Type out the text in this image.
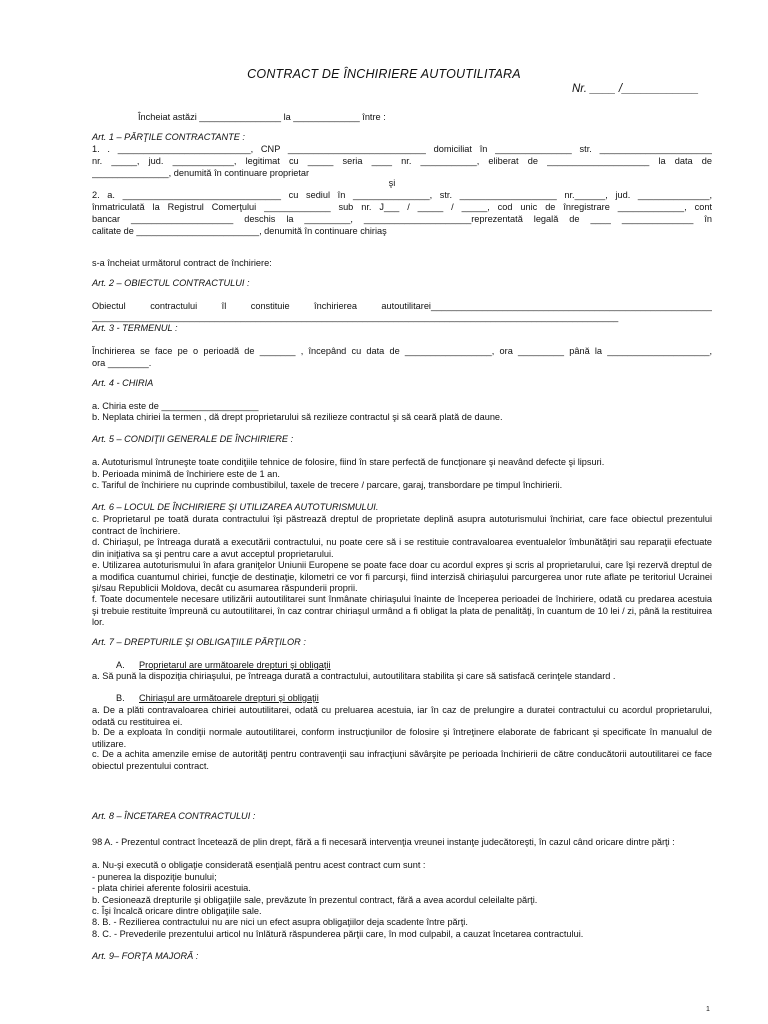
CONTRACT DE ÎNCHIRIERE AUTOUTILITARA
Nr. ____ /____________
Încheiat astăzi ________________ la _____________ între :
Art. 1 – PĂRŢILE CONTRACTANTE :
1. . __________________________, CNP ___________________________ domiciliat în _______________ str. ______________________
nr. _____, jud. ____________, legitimat cu _____ seria ____ nr. ___________, eliberat de ____________________ la data de
_______________, denumită în continuare proprietar
şi
2. a. _______________________________ cu sediul în _______________, str. ___________________ nr.______, jud. ______________,
înmatriculată la Registrul Comerţului _____________ sub nr. J___ / _____ / _____, cod unic de înregistrare _____________, cont
bancar ____________________ deschis la _________, _____________________reprezentată legală de ____ ______________ în
calitate de ________________________, denumită în continuare chiriaş
s-a încheiat următorul contract de închiriere:
Art. 2 – OBIECTUL CONTRACTULUI :
Obiectul contractului îl constituie închirierea autoutilitarei_______________________________________________________
_______________________________________________________________________________________________________
Art. 3 - TERMENUL :
Închirierea se face pe o perioadă de _______ , începând cu data de _________________, ora _________ până la ____________________,
ora ________.
Art. 4 - CHIRIA
a. Chiria este de ___________________
b. Neplata chiriei la termen , dă drept proprietarului să rezilieze contractul şi să ceară plată de daune.
Art. 5 – CONDIŢII GENERALE DE ÎNCHIRIERE :
a. Autoturismul întruneşte toate condiţiile tehnice de folosire, fiind în stare perfectă de funcţionare şi neavând defecte şi lipsuri.
b. Perioada minimă de închiriere este de 1 an.
c. Tariful de închiriere nu cuprinde combustibilul, taxele de trecere / parcare, garaj, transbordare pe timpul închirierii.
Art. 6 – LOCUL DE ÎNCHIRIERE ŞI UTILIZAREA AUTOTURISMULUI.
c. Proprietarul pe toată durata contractului îşi păstrează dreptul de proprietate deplină asupra autoturismului închiriat, care face obiectul prezentului contract de închiriere.
d. Chiriaşul, pe întreaga durată a executării contractului, nu poate cere să i se restituie contravaloarea eventualelor îmbunătăţiri sau reparaţii efectuate din iniţiativa sa şi pentru care a avut acceptul proprietarului.
e. Utilizarea autoturismului în afara graniţelor Uniunii Europene se poate face doar cu acordul expres şi scris al proprietarului, care îşi rezervă dreptul de a modifica cuantumul chiriei, funcţie de destinaţie, kilometri ce vor fi parcurşi, fiind interzisă chiriaşului parcurgerea unor rute aflate pe teritoriul Ucrainei şi/sau Republicii Moldova, decât cu asumarea răspunderii proprii.
f. Toate documentele necesare utilizării autoutilitarei sunt înmânate chiriaşului înainte de începerea perioadei de închiriere, odată cu predarea acestuia şi trebuie restituite împreună cu autoutilitarei, în caz contrar chiriaşul urmând a fi obligat la plata de penalităţi, în cuantum de 10 lei / zi, până la restituirea lor.
Art. 7 – DREPTURILE ŞI OBLIGAŢIILE PĂRŢILOR :
A.	Proprietarul are următoarele drepturi şi obligaţii
a. Să pună la dispoziţia chiriaşului, pe întreaga durată a contractului, autoutilitara stabilita şi care să satisfacă cerinţele standard .
B.	Chiriaşul are următoarele drepturi şi obligaţii
a. De a plăti contravaloarea chiriei autoutilitarei, odată cu preluarea acestuia, iar în caz de prelungire a duratei contractului cu acordul proprietarului, odată cu restituirea ei.
b. De a exploata în condiţii normale autoutilitarei, conform instrucţiunilor de folosire şi întreţinere elaborate de fabricant şi specificate în manualul de utilizare.
c. De a achita amenzile emise de autorităţi pentru contravenţii sau infracţiuni săvârşite pe perioada închirierii de către conducătorii autoutilitarei ce face obiectul prezentului contract.
Art. 8 – ÎNCETAREA CONTRACTULUI :
98 A. - Prezentul contract încetează de plin drept, fără a fi necesară intervenţia vreunei instanţe judecătoreşti, în cazul când oricare dintre părţi :
a. Nu-şi execută o obligaţie considerată esenţială pentru acest contract cum sunt :
- punerea la dispoziţie bunului;
- plata chiriei aferente folosirii acestuia.
b. Cesionează drepturile şi obligaţiile sale, prevăzute în prezentul contract, fără a avea acordul celeilalte părţi.
c. Îşi încalcă oricare dintre obligaţiile sale.
8. B. - Rezilierea contractului nu are nici un efect asupra obligaţiilor deja scadente între părţi.
8. C. - Prevederile prezentului articol nu înlătură răspunderea părţii care, în mod culpabil, a cauzat încetarea contractului.
Art. 9– FORŢA MAJORĂ :
1
